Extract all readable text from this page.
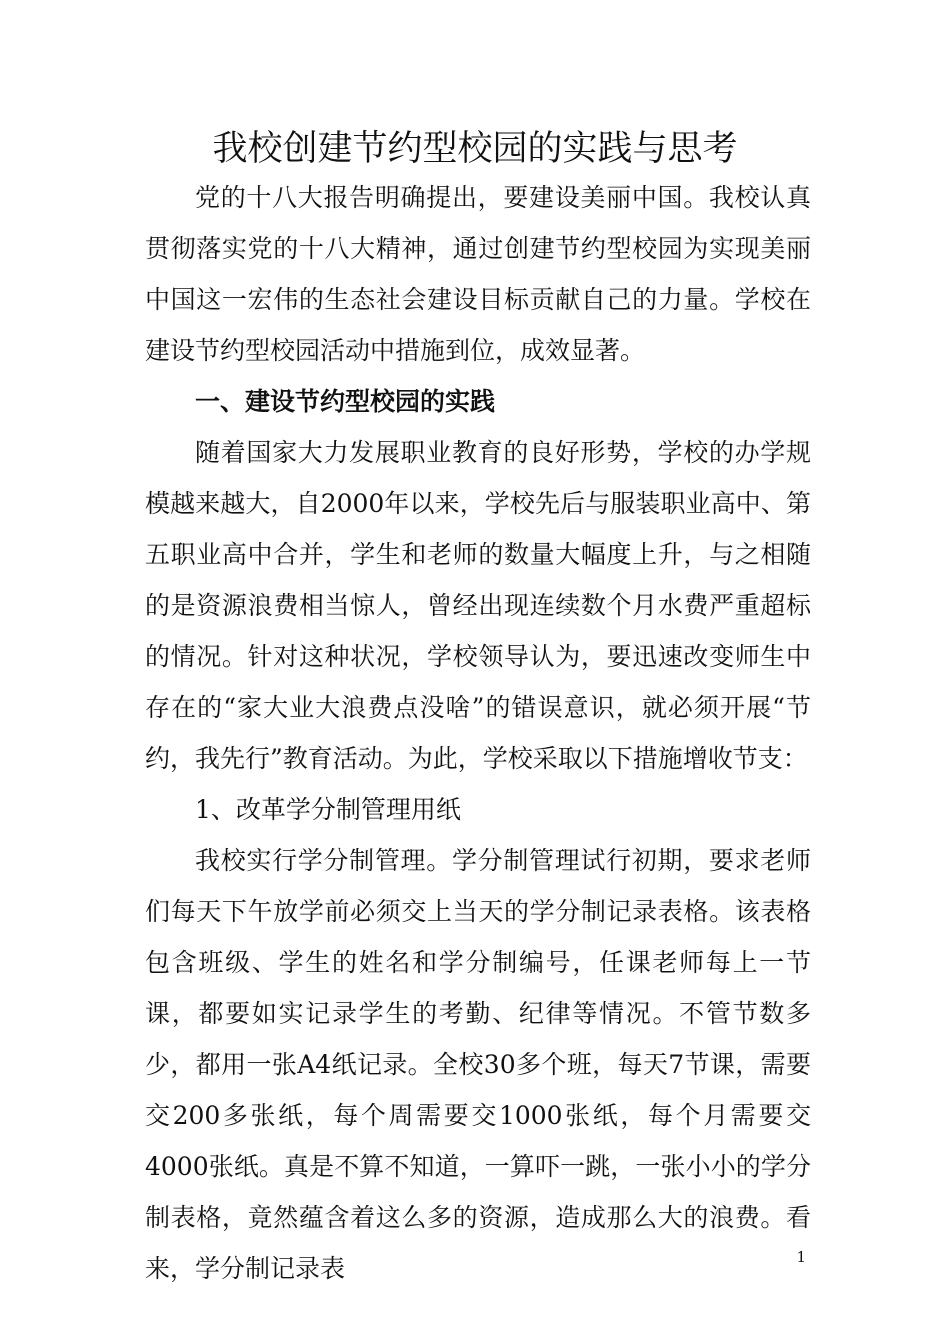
我校创建节约型校园的实践与思考

党的十八大报告明确提出，要建设美丽中国。我校认真贯彻落实党的十八大精神，通过创建节约型校园为实现美丽中国这一宏伟的生态社会建设目标贡献自己的力量。学校在建设节约型校园活动中措施到位，成效显著。

一、建设节约型校园的实践

随着国家大力发展职业教育的良好形势，学校的办学规模越来越大，自2000年以来，学校先后与服装职业高中、第五职业高中合并，学生和老师的数量大幅度上升，与之相随的是资源浪费相当惊人，曾经出现连续数个月水费严重超标的情况。针对这种状况，学校领导认为，要迅速改变师生中存在的“家大业大浪费点没啥”的错误意识，就必须开展“节约，我先行”教育活动。为此，学校采取以下措施增收节支：

1、改革学分制管理用纸

我校实行学分制管理。学分制管理试行初期，要求老师们每天下午放学前必须交上当天的学分制记录表格。该表格包含班级、学生的姓名和学分制编号，任课老师每上一节课，都要如实记录学生的考勤、纪律等情况。不管节数多少，都用一张A4纸记录。全校30多个班，每天7节课，需要交200多张纸，每个周需要交1000张纸，每个月需要交4000张纸。真是不算不知道，一算吓一跳，一张小小的学分制表格，竟然蕴含着这么多的资源，造成那么大的浪费。看来，学分制记录表	1
